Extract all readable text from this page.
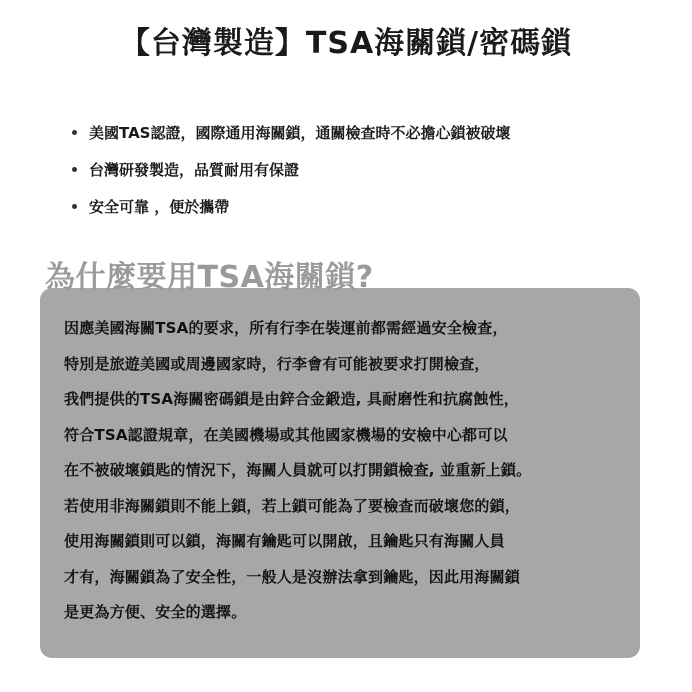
【台灣製造】TSA海關鎖/密碼鎖
美國TAS認證，國際通用海關鎖，通關檢查時不必擔心鎖被破壞
台灣研發製造，品質耐用有保證
安全可靠 ，便於攜帶
為什麼要用TSA海關鎖?
因應美國海關TSA的要求，所有行李在裝運前都需經過安全檢查，
特別是旅遊美國或周邊國家時，行李會有可能被要求打開檢查，
我們提供的TSA海關密碼鎖是由鋅合金鍛造, 具耐磨性和抗腐蝕性，
符合TSA認證規章，在美國機場或其他國家機場的安檢中心都可以
在不被破壞鎖匙的情況下，海關人員就可以打開鎖檢查, 並重新上鎖。
若使用非海關鎖則不能上鎖，若上鎖可能為了要檢查而破壞您的鎖，
使用海關鎖則可以鎖，海關有鑰匙可以開啟，且鑰匙只有海關人員
才有，海關鎖為了安全性，一般人是沒辦法拿到鑰匙，因此用海關鎖
是更為方便、安全的選擇。
